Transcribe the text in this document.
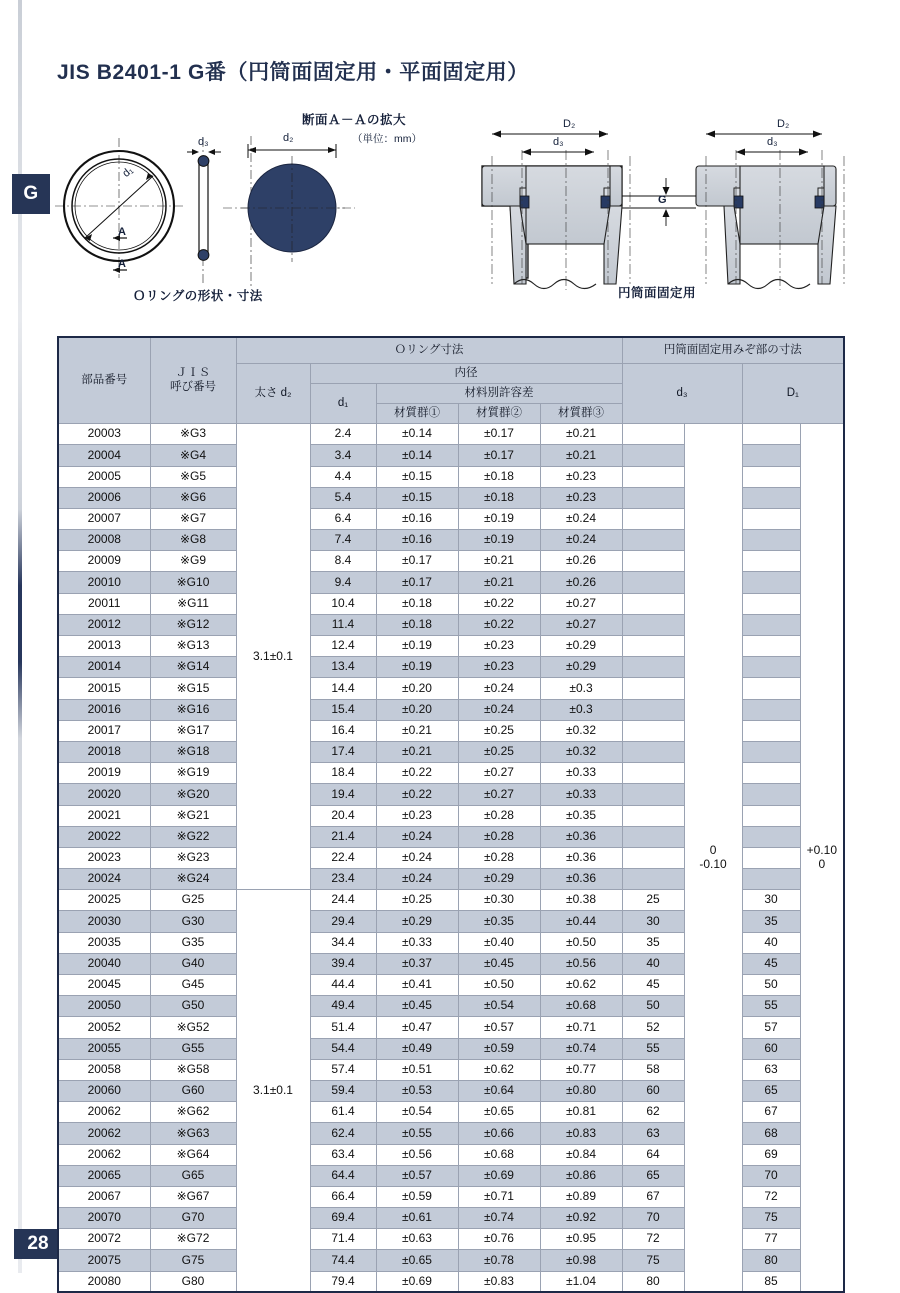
G
28
JIS B2401-1 G番（円筒面固定用・平面固定用）
d₁
d₃
A
A
d₂
Ｏリングの形状・寸法
断面Ａ－Ａの拡大
（単位：mm）
D₂	D₂
d₃	d₃
G
円筒面固定用
部品番号	ＪＩＳ
呼び番号	Ｏリング寸法					円筒面固定用みぞ部の寸法			
		太さ d₂	内径				d₃		D₁	
			d₁	材料別許容差						
				材質群①	材質群②	材質群③				
20003	※G3	3.1±0.1	2.4	±0.14	±0.17	±0.21		
0
-0.10

+0.10
0

20004	※G4		3.4	±0.14	±0.17	±0.21				
20005	※G5		4.4	±0.15	±0.18	±0.23				
20006	※G6		5.4	±0.15	±0.18	±0.23				
20007	※G7		6.4	±0.16	±0.19	±0.24				
20008	※G8		7.4	±0.16	±0.19	±0.24				
20009	※G9		8.4	±0.17	±0.21	±0.26				
20010	※G10		9.4	±0.17	±0.21	±0.26				
20011	※G11		10.4	±0.18	±0.22	±0.27				
20012	※G12		11.4	±0.18	±0.22	±0.27				
20013	※G13		12.4	±0.19	±0.23	±0.29				
20014	※G14		13.4	±0.19	±0.23	±0.29				
20015	※G15		14.4	±0.20	±0.24	±0.3				
20016	※G16		15.4	±0.20	±0.24	±0.3				
20017	※G17		16.4	±0.21	±0.25	±0.32				
20018	※G18		17.4	±0.21	±0.25	±0.32				
20019	※G19		18.4	±0.22	±0.27	±0.33				
20020	※G20		19.4	±0.22	±0.27	±0.33				
20021	※G21		20.4	±0.23	±0.28	±0.35				
20022	※G22		21.4	±0.24	±0.28	±0.36				
20023	※G23		22.4	±0.24	±0.28	±0.36				
20024	※G24		23.4	±0.24	±0.29	±0.36				
20025	G25	3.1±0.1	24.4	±0.25	±0.30	±0.38	25		30	
20030	G30		29.4	±0.29	±0.35	±0.44	30		35	
20035	G35		34.4	±0.33	±0.40	±0.50	35		40	
20040	G40		39.4	±0.37	±0.45	±0.56	40		45	
20045	G45		44.4	±0.41	±0.50	±0.62	45		50	
20050	G50		49.4	±0.45	±0.54	±0.68	50		55	
20052	※G52		51.4	±0.47	±0.57	±0.71	52		57	
20055	G55		54.4	±0.49	±0.59	±0.74	55		60	
20058	※G58		57.4	±0.51	±0.62	±0.77	58		63	
20060	G60		59.4	±0.53	±0.64	±0.80	60		65	
20062	※G62		61.4	±0.54	±0.65	±0.81	62		67	
20062	※G63		62.4	±0.55	±0.66	±0.83	63		68	
20062	※G64		63.4	±0.56	±0.68	±0.84	64		69	
20065	G65		64.4	±0.57	±0.69	±0.86	65		70	
20067	※G67		66.4	±0.59	±0.71	±0.89	67		72	
20070	G70		69.4	±0.61	±0.74	±0.92	70		75	
20072	※G72		71.4	±0.63	±0.76	±0.95	72		77	
20075	G75		74.4	±0.65	±0.78	±0.98	75		80	
20080	G80		79.4	±0.69	±0.83	±1.04	80		85	
